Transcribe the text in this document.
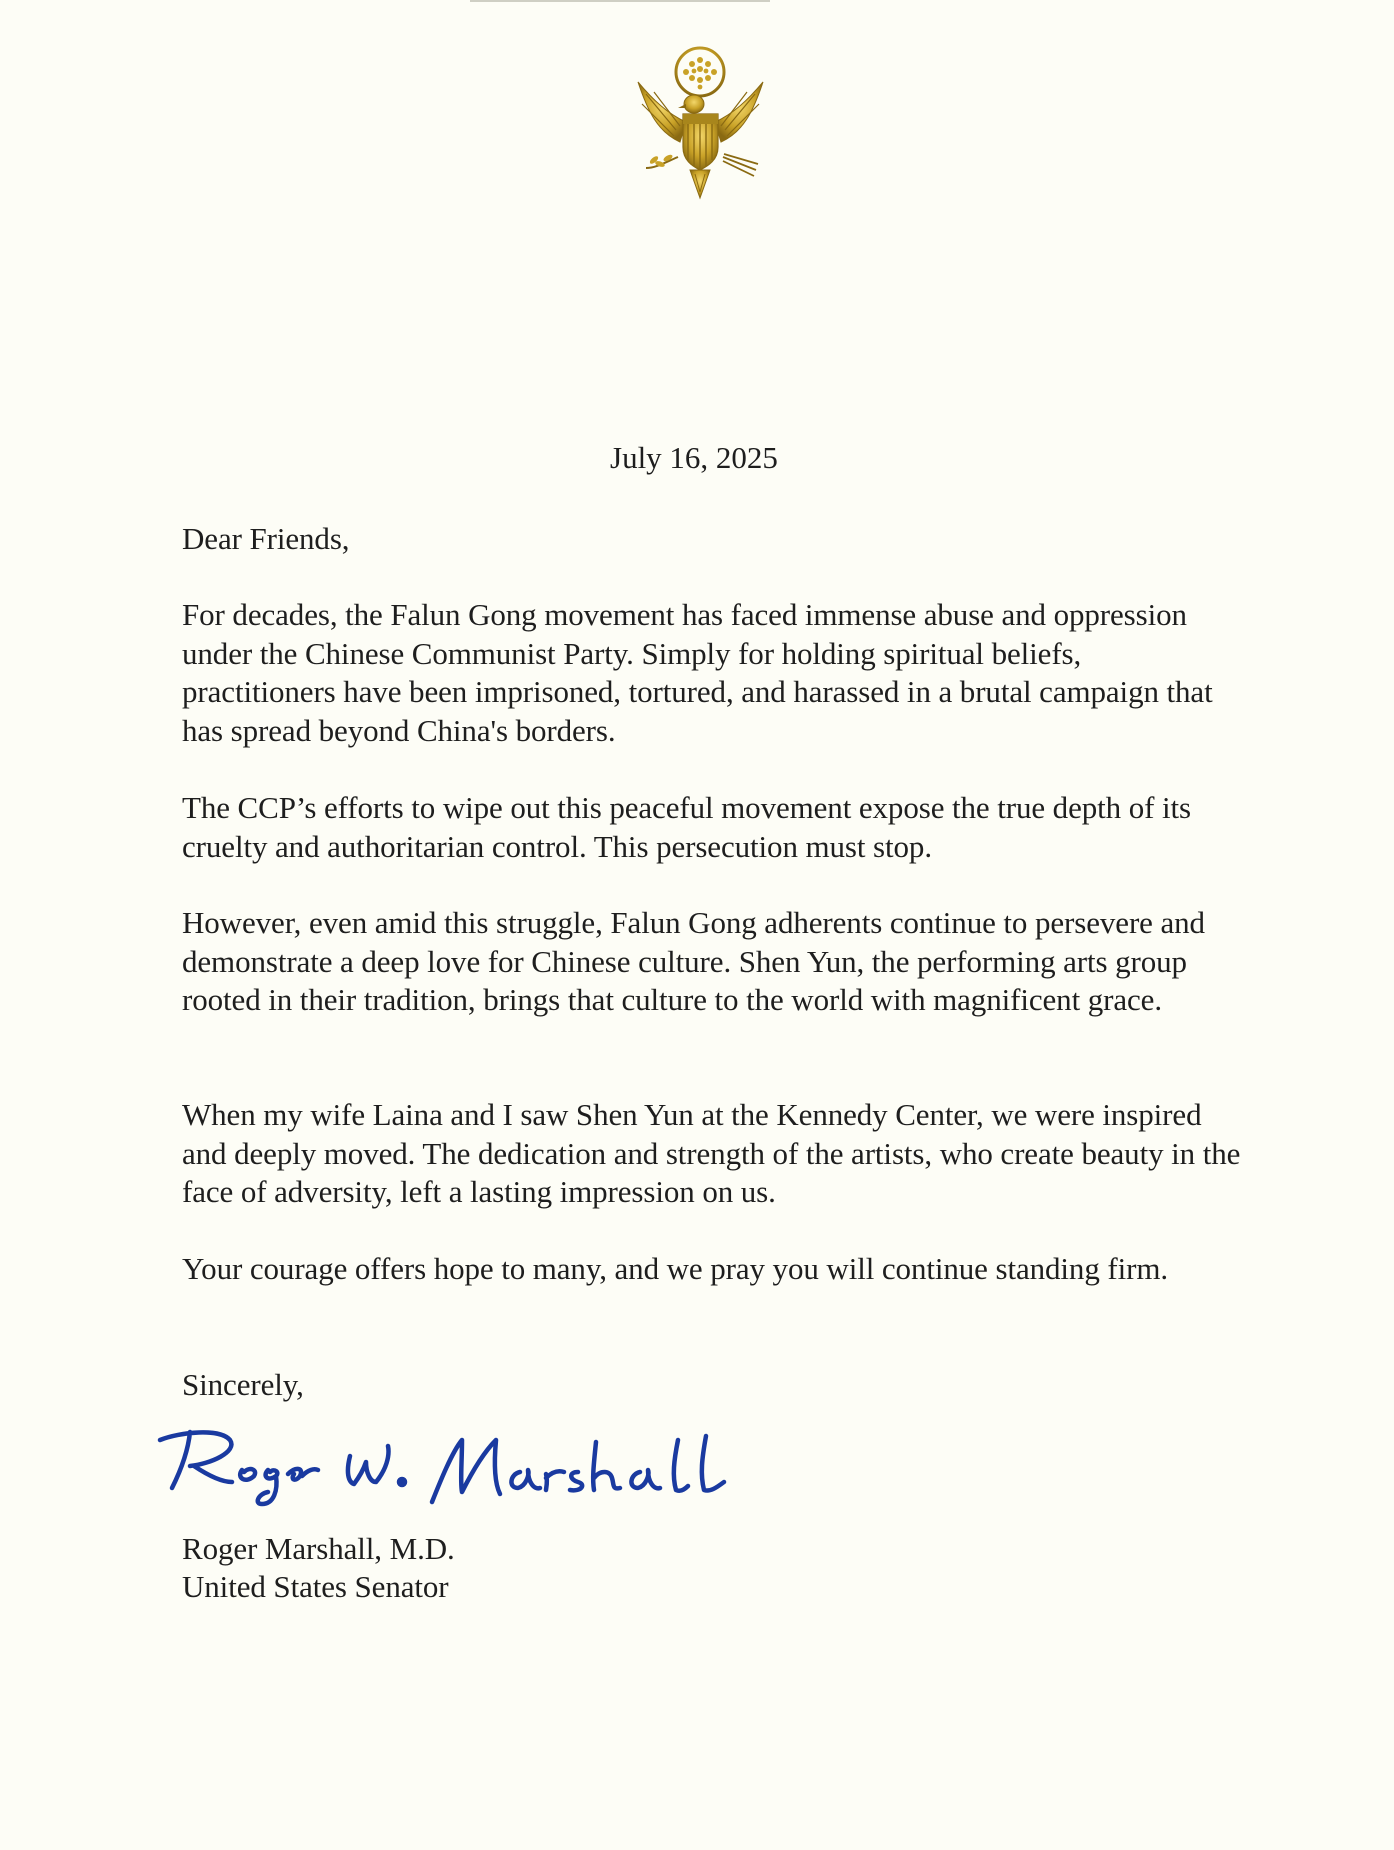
July 16, 2025

Dear Friends,

For decades, the Falun Gong movement has faced immense abuse and oppression under the Chinese Communist Party. Simply for holding spiritual beliefs, practitioners have been imprisoned, tortured, and harassed in a brutal campaign that has spread beyond China's borders.

The CCP’s efforts to wipe out this peaceful movement expose the true depth of its cruelty and authoritarian control. This persecution must stop.

However, even amid this struggle, Falun Gong adherents continue to persevere and demonstrate a deep love for Chinese culture. Shen Yun, the performing arts group rooted in their tradition, brings that culture to the world with magnificent grace.

When my wife Laina and I saw Shen Yun at the Kennedy Center, we were inspired and deeply moved. The dedication and strength of the artists, who create beauty in the face of adversity, left a lasting impression on us.

Your courage offers hope to many, and we pray you will continue standing firm.

Sincerely,

Roger Marshall, M.D.

United States Senator
